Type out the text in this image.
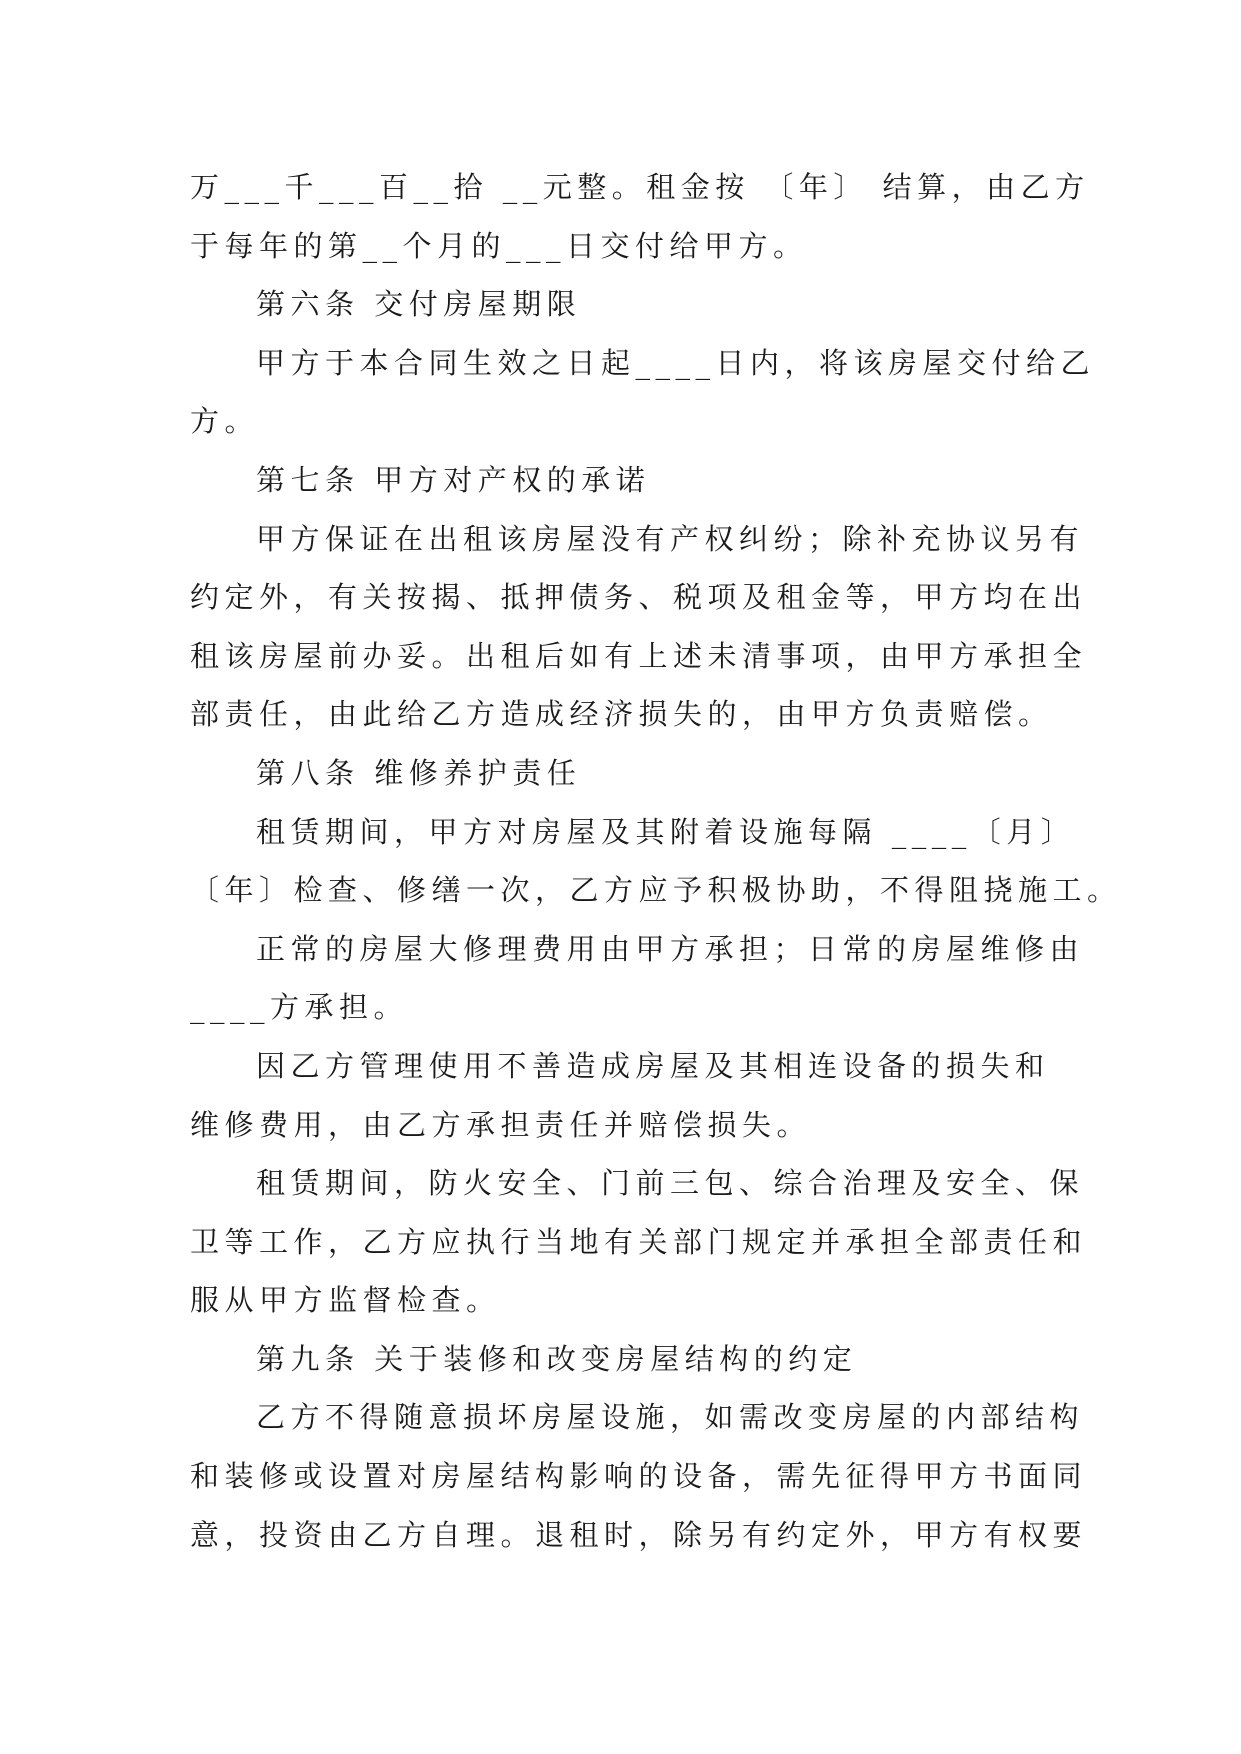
万___千___百__拾 __元整。租金按 〔年〕 结算，由乙方
于每年的第__个月的___日交付给甲方。
第六条 交付房屋期限
甲方于本合同生效之日起____日内，将该房屋交付给乙
方。
第七条 甲方对产权的承诺
甲方保证在出租该房屋没有产权纠纷；除补充协议另有
约定外，有关按揭、抵押债务、税项及租金等，甲方均在出
租该房屋前办妥。出租后如有上述未清事项，由甲方承担全
部责任，由此给乙方造成经济损失的，由甲方负责赔偿。
第八条 维修养护责任
租赁期间，甲方对房屋及其附着设施每隔 ____〔月〕
〔年〕检查、修缮一次，乙方应予积极协助，不得阻挠施工。
正常的房屋大修理费用由甲方承担；日常的房屋维修由
____方承担。
因乙方管理使用不善造成房屋及其相连设备的损失和
维修费用，由乙方承担责任并赔偿损失。
租赁期间，防火安全、门前三包、综合治理及安全、保
卫等工作，乙方应执行当地有关部门规定并承担全部责任和
服从甲方监督检查。
第九条 关于装修和改变房屋结构的约定
乙方不得随意损坏房屋设施，如需改变房屋的内部结构
和装修或设置对房屋结构影响的设备，需先征得甲方书面同
意，投资由乙方自理。退租时，除另有约定外，甲方有权要
